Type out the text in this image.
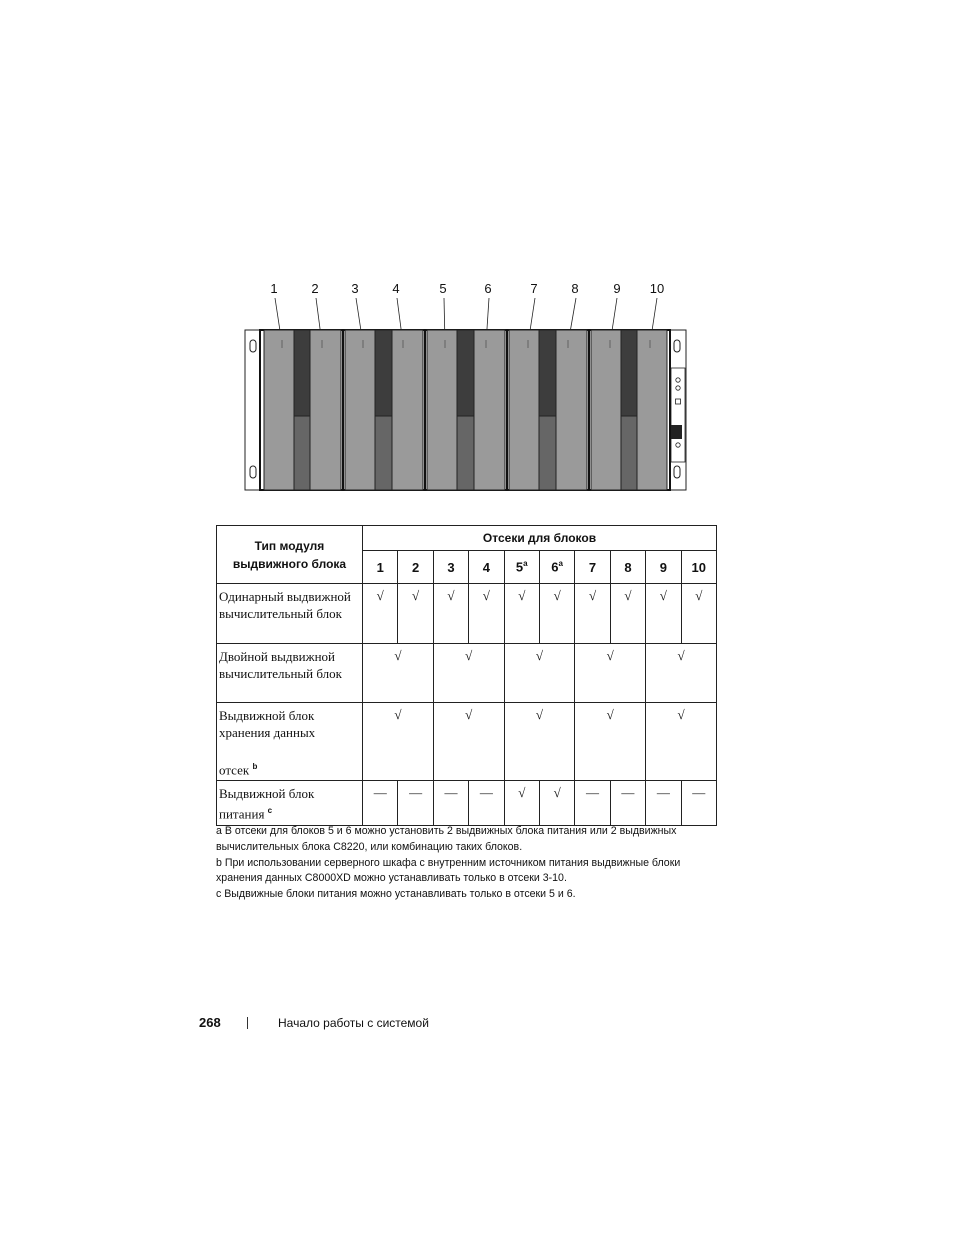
1	2	3	4	5	6	7	8	9 10
Тип модуля выдвижного блока	Отсеки для блоков									
	1	2	3	4	5$^a$	6$^a$	7	8	9	10
Одинарный выдвижной вычислительный блок	√	√	√	√	√	√	√	√	√	√
Двойной выдвижной вычислительный блок	√		√		√		√		√	
Выдвижной блок хранения данных

отсек $^b$	√		√		√		√		√	
Выдвижной блок питания $^c$	—	—	—	—	√	√	—	—	—	—

a В отсеки для блоков 5 и 6 можно установить 2 выдвижных блока питания или 2 выдвижных вычислительных блока C8220, или комбинацию таких блоков.

b При использовании серверного шкафа с внутренним источником питания выдвижные блоки хранения данных C8000XD можно устанавливать только в отсеки 3-10.

c Выдвижные блоки питания можно устанавливать только в отсеки 5 и 6.

268	Начало работы с системой
